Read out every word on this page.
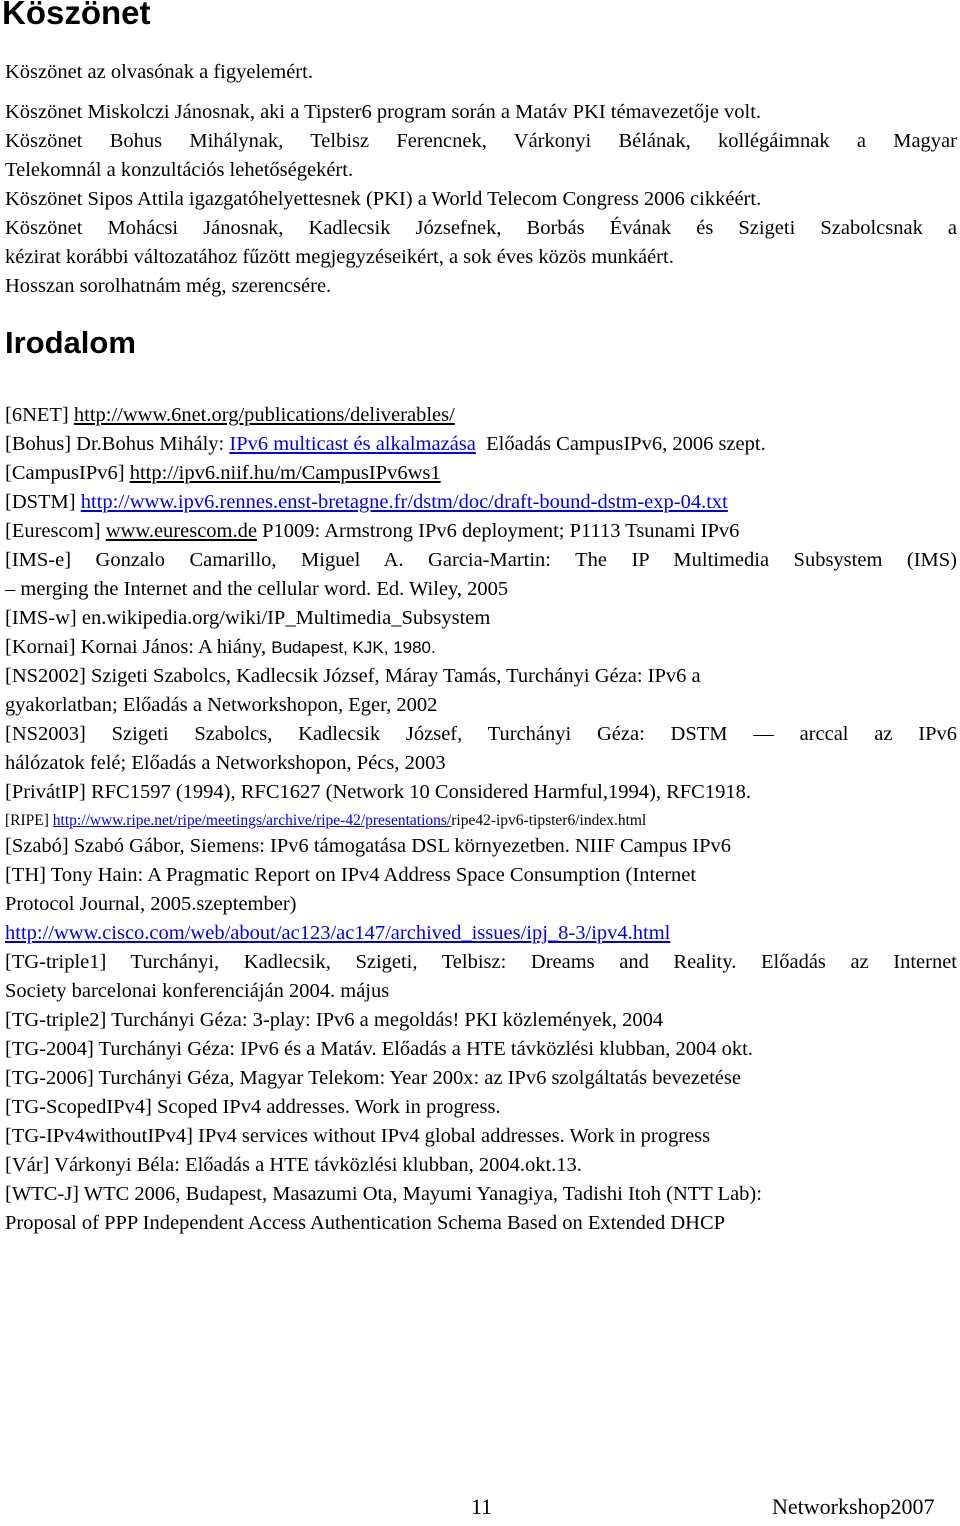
Köszönet
Köszönet az olvasónak a figyelemért.
Köszönet Miskolczi Jánosnak, aki a Tipster6 program során a Matáv PKI témavezetője volt.
Köszönet Bohus Mihálynak, Telbisz Ferencnek, Várkonyi Bélának, kollégáimnak a Magyar
Telekomnál a konzultációs lehetőségekért.
Köszönet Sipos Attila igazgatóhelyettesnek (PKI) a World Telecom Congress 2006 cikkéért.
Köszönet Mohácsi Jánosnak, Kadlecsik Józsefnek, Borbás Évának és Szigeti Szabolcsnak a
kézirat korábbi változatához fűzött megjegyzéseikért, a sok éves közös munkáért.
Hosszan sorolhatnám még, szerencsére.
Irodalom
[6NET] http://www.6net.org/publications/deliverables/
[Bohus] Dr.Bohus Mihály: IPv6 multicast és alkalmazása  Előadás CampusIPv6, 2006 szept.
[CampusIPv6] http://ipv6.niif.hu/m/CampusIPv6ws1
[DSTM] http://www.ipv6.rennes.enst-bretagne.fr/dstm/doc/draft-bound-dstm-exp-04.txt
[Eurescom] www.eurescom.de P1009: Armstrong IPv6 deployment; P1113 Tsunami IPv6
[IMS-e] Gonzalo Camarillo, Miguel A. Garcia-Martin: The IP Multimedia Subsystem (IMS)
– merging the Internet and the cellular word. Ed. Wiley, 2005
[IMS-w] en.wikipedia.org/wiki/IP_Multimedia_Subsystem
[Kornai] Kornai János: A hiány, Budapest, KJK, 1980.
[NS2002] Szigeti Szabolcs, Kadlecsik József, Máray Tamás, Turchányi Géza: IPv6 a
gyakorlatban; Előadás a Networkshopon, Eger, 2002
[NS2003] Szigeti Szabolcs, Kadlecsik József, Turchányi Géza: DSTM — arccal az IPv6
hálózatok felé; Előadás a Networkshopon, Pécs, 2003
[PrivátIP] RFC1597 (1994), RFC1627 (Network 10 Considered Harmful,1994), RFC1918.
[RIPE] http://www.ripe.net/ripe/meetings/archive/ripe-42/presentations/ripe42-ipv6-tipster6/index.html
[Szabó] Szabó Gábor, Siemens: IPv6 támogatása DSL környezetben. NIIF Campus IPv6
[TH] Tony Hain: A Pragmatic Report on IPv4 Address Space Consumption (Internet
Protocol Journal, 2005.szeptember)
http://www.cisco.com/web/about/ac123/ac147/archived_issues/ipj_8-3/ipv4.html
[TG-triple1] Turchányi, Kadlecsik, Szigeti, Telbisz: Dreams and Reality. Előadás az Internet
Society barcelonai konferenciáján 2004. május
[TG-triple2] Turchányi Géza: 3-play: IPv6 a megoldás! PKI közlemények, 2004
[TG-2004] Turchányi Géza: IPv6 és a Matáv. Előadás a HTE távközlési klubban, 2004 okt.
[TG-2006] Turchányi Géza, Magyar Telekom: Year 200x: az IPv6 szolgáltatás bevezetése
[TG-ScopedIPv4] Scoped IPv4 addresses. Work in progress.
[TG-IPv4withoutIPv4] IPv4 services without IPv4 global addresses. Work in progress
[Vár] Várkonyi Béla: Előadás a HTE távközlési klubban, 2004.okt.13.
[WTC-J] WTC 2006, Budapest, Masazumi Ota, Mayumi Yanagiya, Tadishi Itoh (NTT Lab):
Proposal of PPP Independent Access Authentication Schema Based on Extended DHCP
11	Networkshop2007
